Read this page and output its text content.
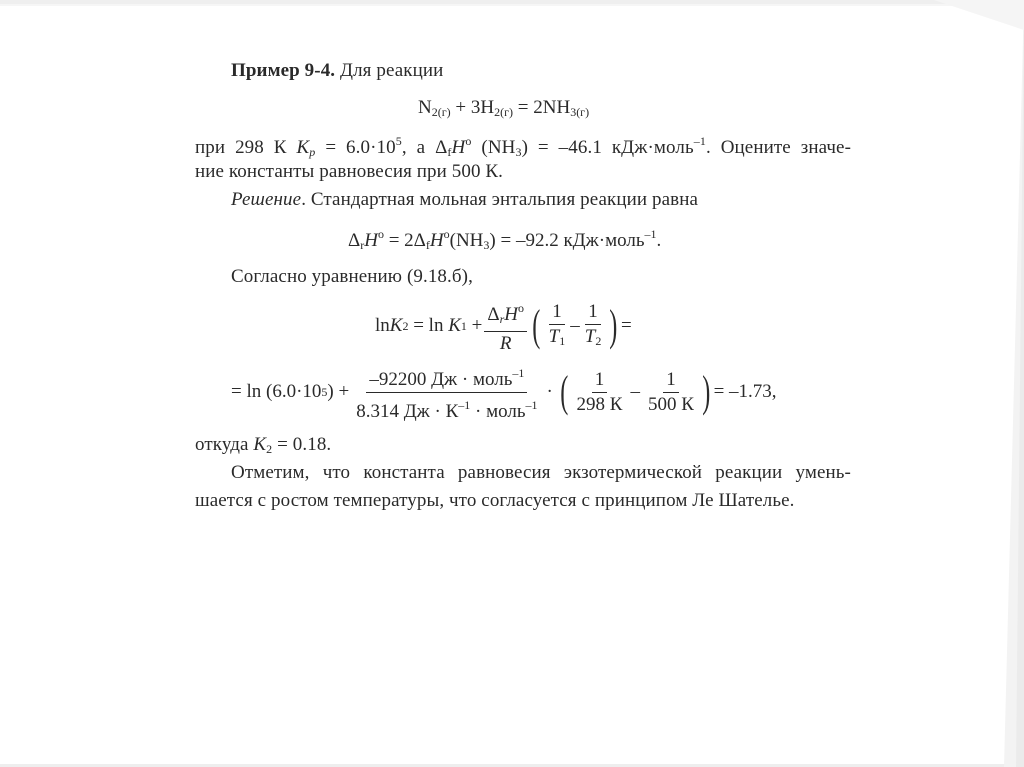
Пример 9-4. Для реакции
$N_{2(г)} + 3H_{2(г)} = 2NH_{3(г)}$
при 298 К $K_p = 6.0\cdot 10^5$, а $\Delta_fH^o$ $(NH_3) = -46.1$ кДж·моль$^{-1}$. Оцените значе-
ние константы равновесия при 500 К.
Решение. Стандартная мольная энтальпия реакции равна
$\Delta_rH^o = 2\Delta_fH^o(NH_3) = -92.2$ кДж·моль$^{-1}$.
Согласно уравнению (9.18.б),
ln K 2 = ln K $1 + \frac{\Delta_rH^o}{R}$ ( $\frac{1}{T_1} - \frac{1}{T_2}$ ) =
= ln (6.0·10 5 ) + $\frac{-92200 Дж \cdot моль^{-1}}{8.314 Дж \cdot К^{-1} \cdot моль^{-1}}$ · ( $\frac{1}{298 К} - \frac{1}{500 К}$ ) = –1.73,
откуда $K_2 = 0.18$.
Отметим, что константа равновесия экзотермической реакции умень-
шается с ростом температуры, что согласуется с принципом Ле Шателье.
